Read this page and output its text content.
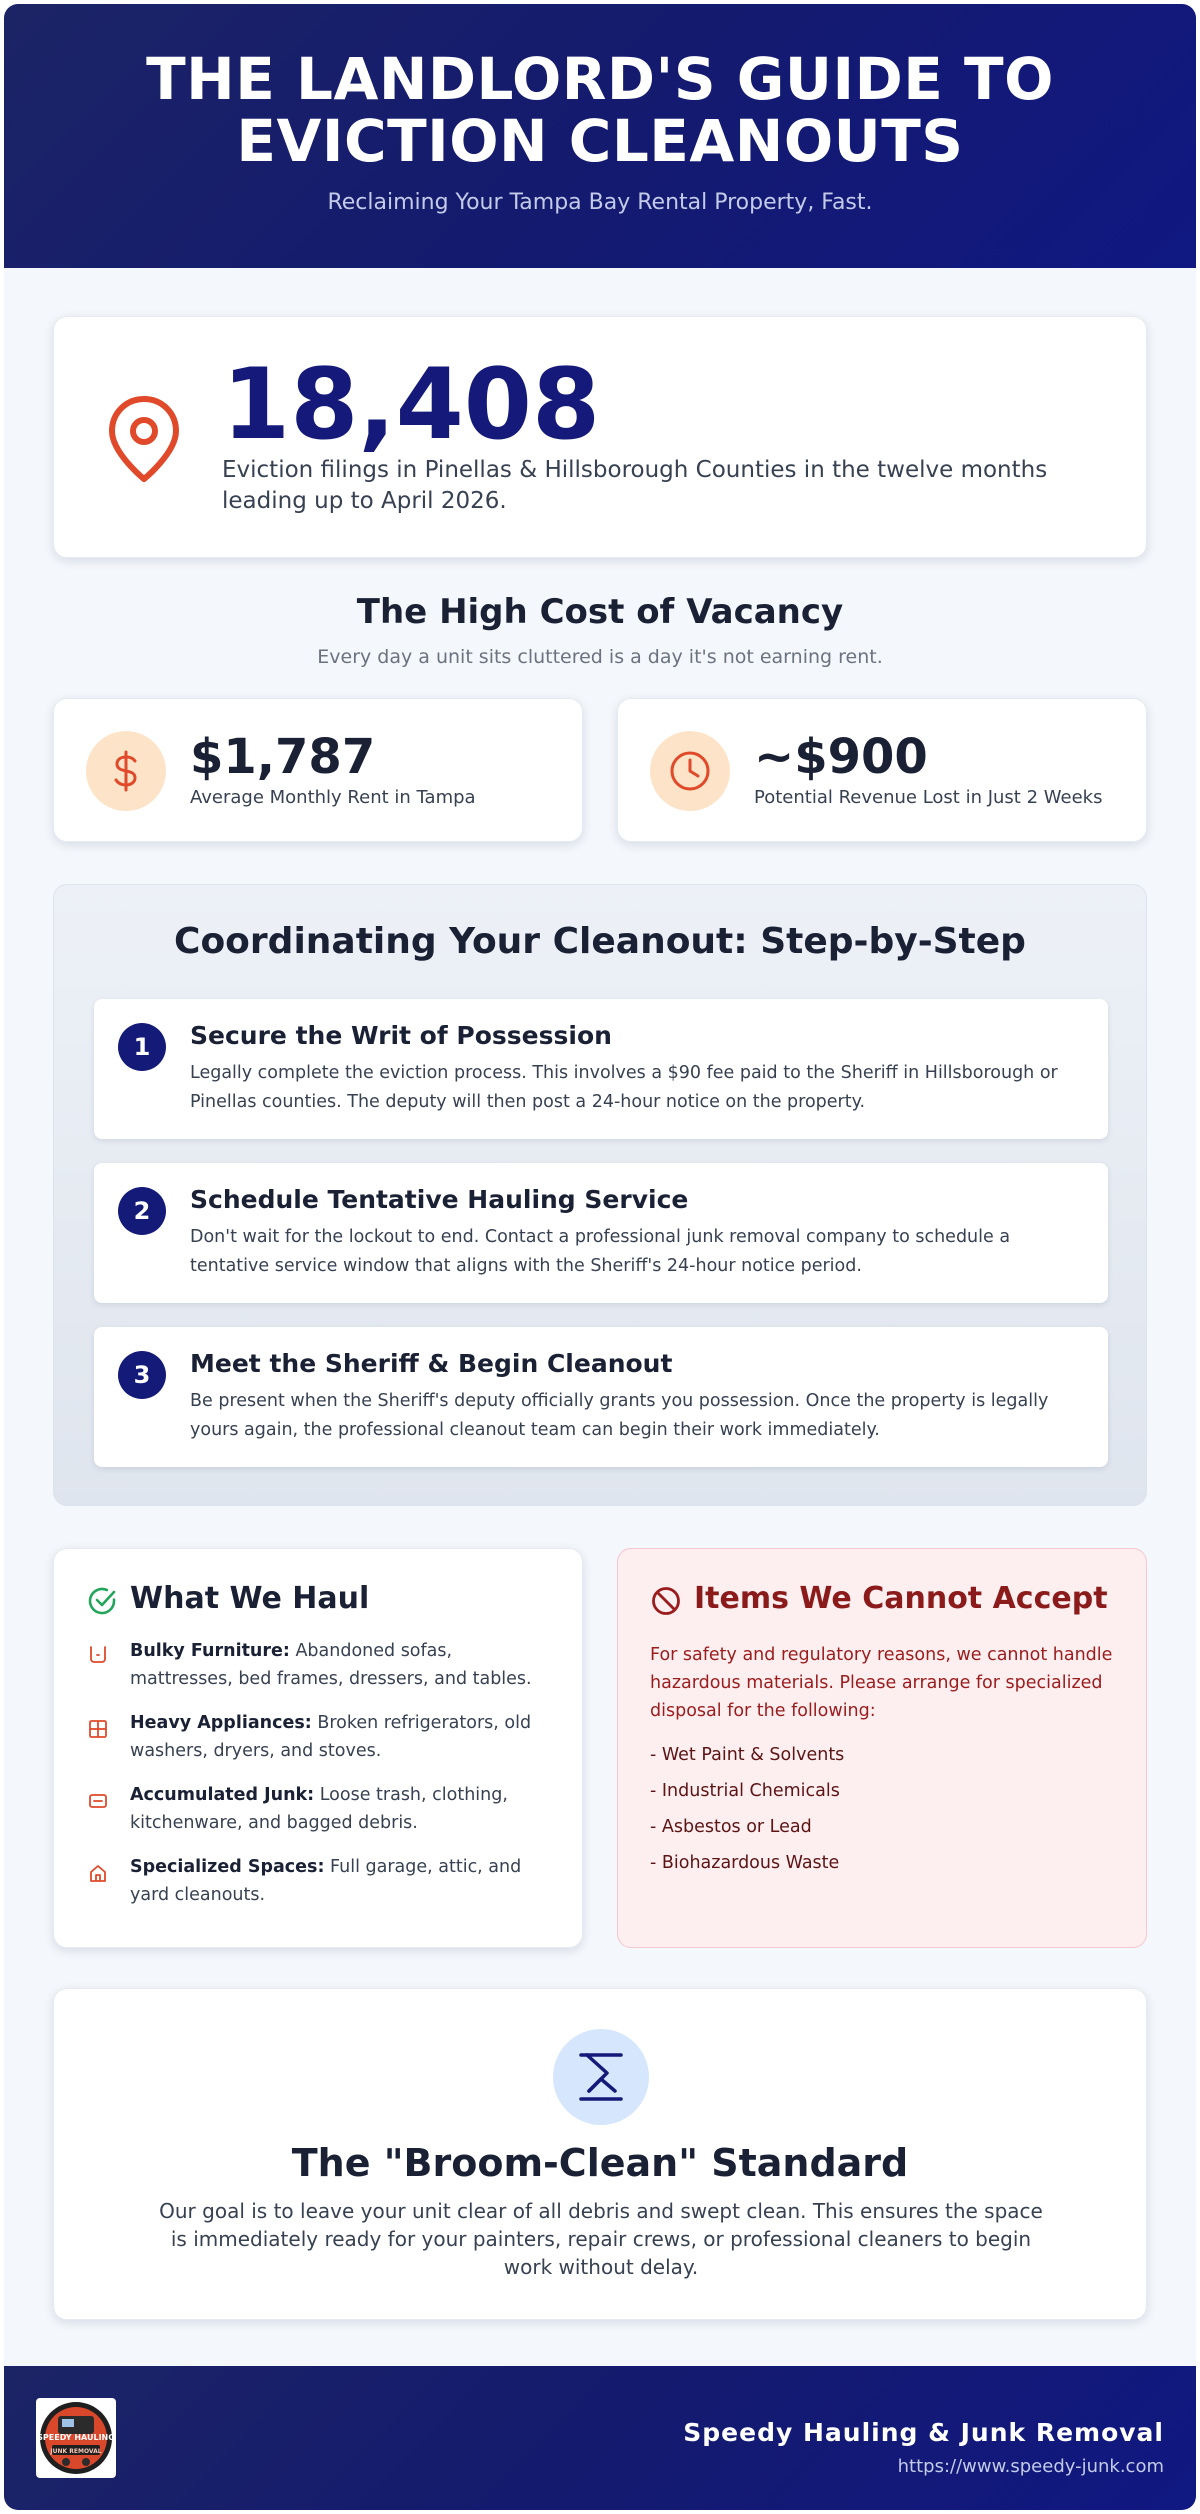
THE LANDLORD'S GUIDE TO EVICTION CLEANOUTS
Reclaiming Your Tampa Bay Rental Property, Fast.
18,408
Eviction filings in Pinellas & Hillsborough Counties in the twelve months leading up to April 2026.
The High Cost of Vacancy
Every day a unit sits cluttered is a day it's not earning rent.
$1,787
Average Monthly Rent in Tampa
~$900
Potential Revenue Lost in Just 2 Weeks
Coordinating Your Cleanout: Step-by-Step
1	Secure the Writ of Possession
Legally complete the eviction process. This involves a $90 fee paid to the Sheriff in Hillsborough or Pinellas counties. The deputy will then post a 24-hour notice on the property.
2	Schedule Tentative Hauling Service
Don't wait for the lockout to end. Contact a professional junk removal company to schedule a tentative service window that aligns with the Sheriff's 24-hour notice period.
3	Meet the Sheriff & Begin Cleanout
Be present when the Sheriff's deputy officially grants you possession. Once the property is legally yours again, the professional cleanout team can begin their work immediately.
What We Haul
Bulky Furniture: Abandoned sofas, mattresses, bed frames, dressers, and tables.
Heavy Appliances: Broken refrigerators, old washers, dryers, and stoves.
Accumulated Junk: Loose trash, clothing, kitchenware, and bagged debris.
Specialized Spaces: Full garage, attic, and yard cleanouts.
Items We Cannot Accept
For safety and regulatory reasons, we cannot handle hazardous materials. Please arrange for specialized disposal for the following:
- Wet Paint & Solvents
- Industrial Chemicals
- Asbestos or Lead
- Biohazardous Waste
The "Broom-Clean" Standard
Our goal is to leave your unit clear of all debris and swept clean. This ensures the space is immediately ready for your painters, repair crews, or professional cleaners to begin work without delay.
SPEEDY HAULING
JUNK REMOVAL
Speedy Hauling & Junk Removal
https://www.speedy-junk.com
